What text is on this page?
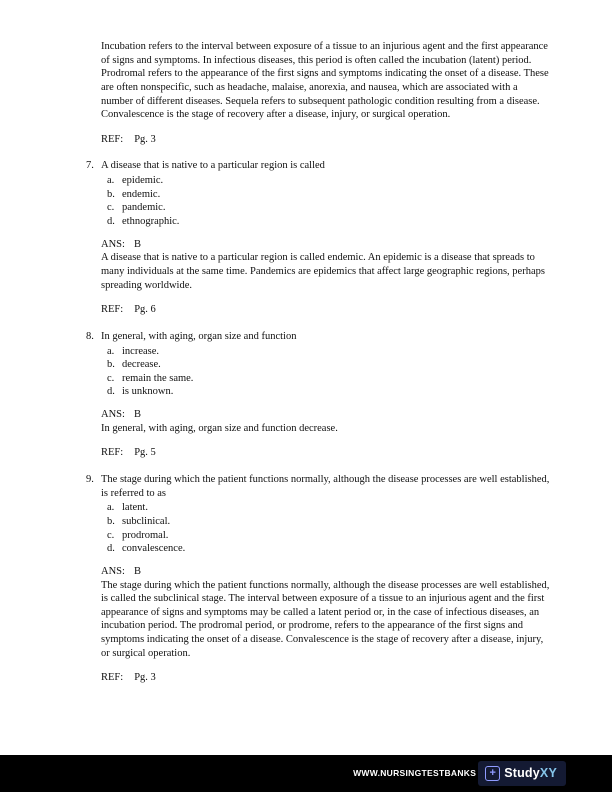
Incubation refers to the interval between exposure of a tissue to an injurious agent and the first appearance of signs and symptoms. In infectious diseases, this period is often called the incubation (latent) period. Prodromal refers to the appearance of the first signs and symptoms indicating the onset of a disease. These are often nonspecific, such as headache, malaise, anorexia, and nausea, which are associated with a number of different diseases. Sequela refers to subsequent pathologic condition resulting from a disease. Convalescence is the stage of recovery after a disease, injury, or surgical operation.

REF: Pg. 3

7. A disease that is native to a particular region is called
a. epidemic.
b. endemic.
c. pandemic.
d. ethnographic.
ANS: B
A disease that is native to a particular region is called endemic. An epidemic is a disease that spreads to many individuals at the same time. Pandemics are epidemics that affect large geographic regions, perhaps spreading worldwide.
REF: Pg. 6
8. In general, with aging, organ size and function
a. increase.
b. decrease.
c. remain the same.
d. is unknown.
ANS: B
In general, with aging, organ size and function decrease.
REF: Pg. 5
9. The stage during which the patient functions normally, although the disease processes are well established, is referred to as
a. latent.
b. subclinical.
c. prodromal.
d. convalescence.
ANS: B
The stage during which the patient functions normally, although the disease processes are well established, is called the subclinical stage. The interval between exposure of a tissue to an injurious agent and the first appearance of signs and symptoms may be called a latent period or, in the case of infectious diseases, an incubation period. The prodromal period, or prodrome, refers to the appearance of the first signs and symptoms indicating the onset of a disease. Convalescence is the stage of recovery after a disease, injury, or surgical operation.
REF: Pg. 3
WWW.NURSINGTESTBANKS	+ StudyXY
